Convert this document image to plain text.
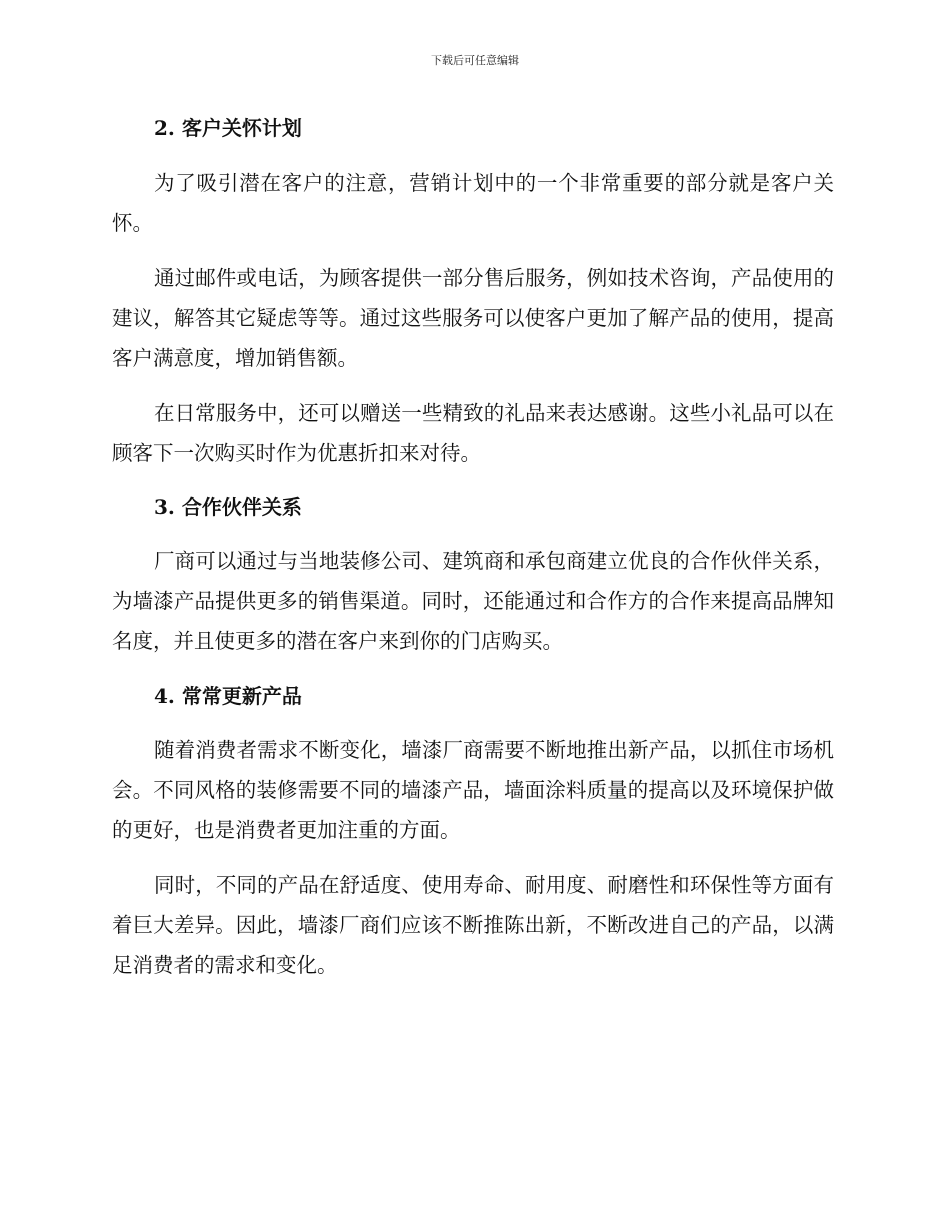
下载后可任意编辑
2. 客户关怀计划

为了吸引潜在客户的注意，营销计划中的一个非常重要的部分就是客户关怀。

通过邮件或电话，为顾客提供一部分售后服务，例如技术咨询，产品使用的建议，解答其它疑虑等等。通过这些服务可以使客户更加了解产品的使用，提高客户满意度，增加销售额。

在日常服务中，还可以赠送一些精致的礼品来表达感谢。这些小礼品可以在顾客下一次购买时作为优惠折扣来对待。

3. 合作伙伴关系

厂商可以通过与当地装修公司、建筑商和承包商建立优良的合作伙伴关系，为墙漆产品提供更多的销售渠道。同时，还能通过和合作方的合作来提高品牌知名度，并且使更多的潜在客户来到你的门店购买。

4. 常常更新产品

随着消费者需求不断变化，墙漆厂商需要不断地推出新产品，以抓住市场机会。不同风格的装修需要不同的墙漆产品，墙面涂料质量的提高以及环境保护做的更好，也是消费者更加注重的方面。

同时，不同的产品在舒适度、使用寿命、耐用度、耐磨性和环保性等方面有着巨大差异。因此，墙漆厂商们应该不断推陈出新，不断改进自己的产品，以满足消费者的需求和变化。
